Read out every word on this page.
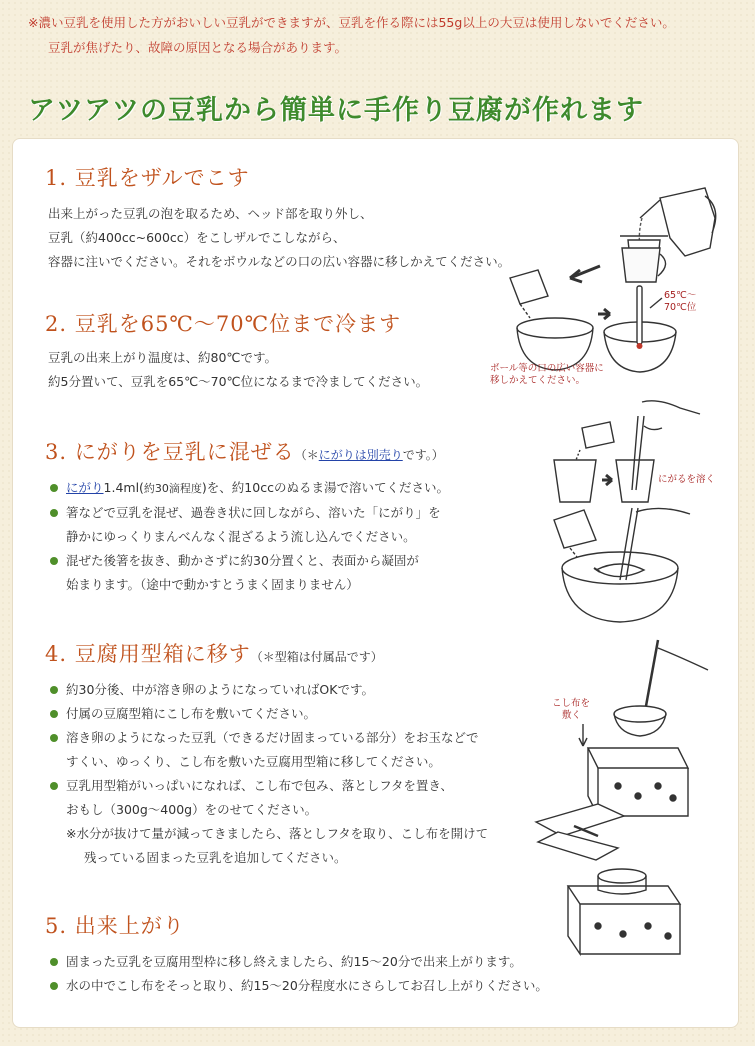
※濃い豆乳を使用した方がおいしい豆乳ができますが、豆乳を作る際には55g以上の大豆は使用しないでください。
豆乳が焦げたり、故障の原因となる場合があります。
アツアツの豆乳から簡単に手作り豆腐が作れます
1. 豆乳をザルでこす
出来上がった豆乳の泡を取るため、ヘッド部を取り外し、
豆乳（約400cc~600cc）をこしザルでこしながら、
容器に注いでください。それをボウルなどの口の広い容器に移しかえてください。
2. 豆乳を65℃～70℃位まで冷ます
豆乳の出来上がり温度は、約80℃です。
約5分置いて、豆乳を65℃～70℃位になるまで冷ましてください。
3. にがりを豆乳に混ぜる（＊にがりは別売りです。）
にがり1.4ml(約30滴程度)を、約10ccのぬるま湯で溶いてください。
箸などで豆乳を混ぜ、過巻き状に回しながら、溶いた「にがり」を
静かにゆっくりまんべんなく混ざるよう流し込んでください。
混ぜた後箸を抜き、動かさずに約30分置くと、表面から凝固が
始まります。（途中で動かすとうまく固まりません）
4. 豆腐用型箱に移す（＊型箱は付属品です）
約30分後、中が溶き卵のようになっていればOKです。
付属の豆腐型箱にこし布を敷いてください。
溶き卵のようになった豆乳（できるだけ固まっている部分）をお玉などで
すくい、ゆっくり、こし布を敷いた豆腐用型箱に移してください。
豆乳用型箱がいっぱいになれば、こし布で包み、落としフタを置き、
おもし（300g～400g）をのせてください。
※水分が抜けて量が減ってきましたら、落としフタを取り、こし布を開けて
残っている固まった豆乳を追加してください。
5. 出来上がり
固まった豆乳を豆腐用型枠に移し終えましたら、約15～20分で出来上がります。
水の中でこし布をそっと取り、約15～20分程度水にさらしてお召し上がりください。
65℃～
70℃位
ボール等の口の広い容器に
移しかえてください。
にがるを溶く
こし布を
敷く
